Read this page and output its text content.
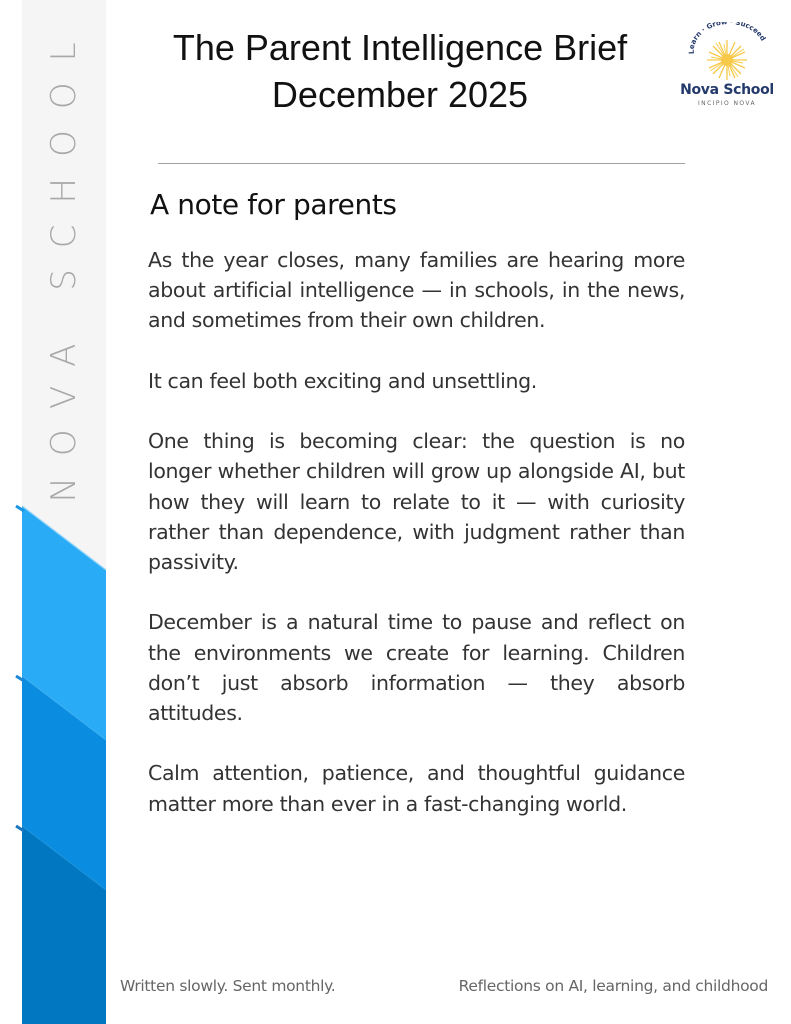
NOVA SCHOOL	The Parent Intelligence Brief
December 2025
Learn · Grow · Succeed
Nova School
INCIPIO NOVA
A note for parents

As the year closes, many families are hearing more about artificial intelligence — in schools, in the news, and sometimes from their own children.

It can feel both exciting and unsettling.

One thing is becoming clear: the question is no longer whether children will grow up alongside AI, but how they will learn to relate to it — with curiosity rather than dependence, with judgment rather than passivity.

December is a natural time to pause and reflect on the environments we create for learning. Children don’t just absorb information — they absorb attitudes.

Calm attention, patience, and thoughtful guidance matter more than ever in a fast-changing world.

Written slowly. Sent monthly.	Reflections on AI, learning, and childhood
